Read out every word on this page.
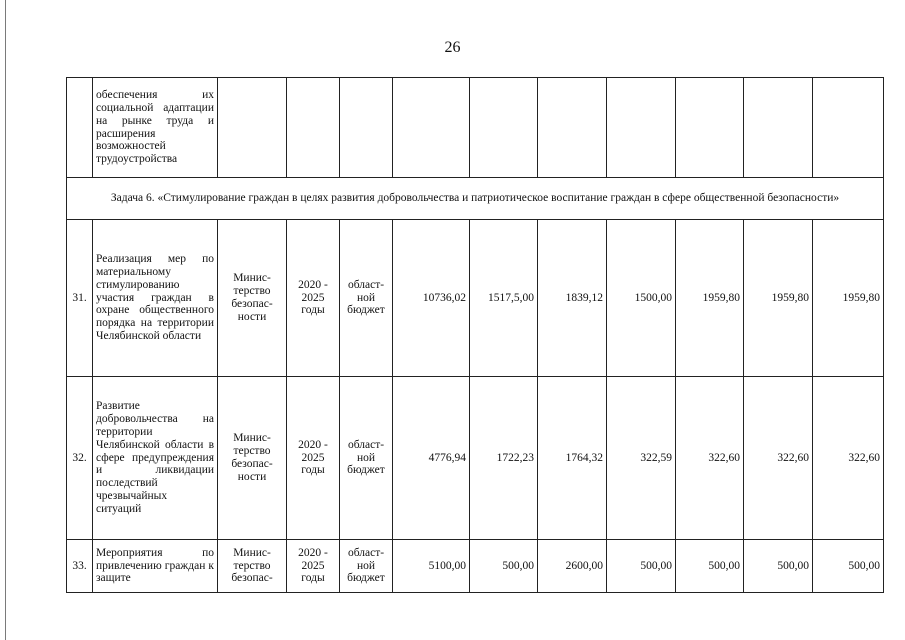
26
	обеспечения их социальной адаптации на рынке труда и расширения возможностей трудоустройства										
Задача 6. «Стимулирование граждан в целях развития добровольчества и патриотическое воспитание граждан в сфере общественной безопасности»											
31.	Реализация мер по материальному стимулированию участия граждан в охране общественного порядка на территории Челябинской области	Минис-терство безопас-ности	2020 - 2025 годы	област-ной бюджет	10736,02	1517,5,00	1839,12	1500,00	1959,80	1959,80	1959,80
32.	Развитие добровольчества на территории Челябинской области в сфере предупреждения и ликвидации последствий чрезвычайных ситуаций	Минис-терство безопас-ности	2020 - 2025 годы	област-ной бюджет	4776,94	1722,23	1764,32	322,59	322,60	322,60	322,60
33.	Мероприятия по привлечению граждан к защите	Минис-терство безопас-	2020 - 2025 годы	област-ной бюджет	5100,00	500,00	2600,00	500,00	500,00	500,00	500,00
